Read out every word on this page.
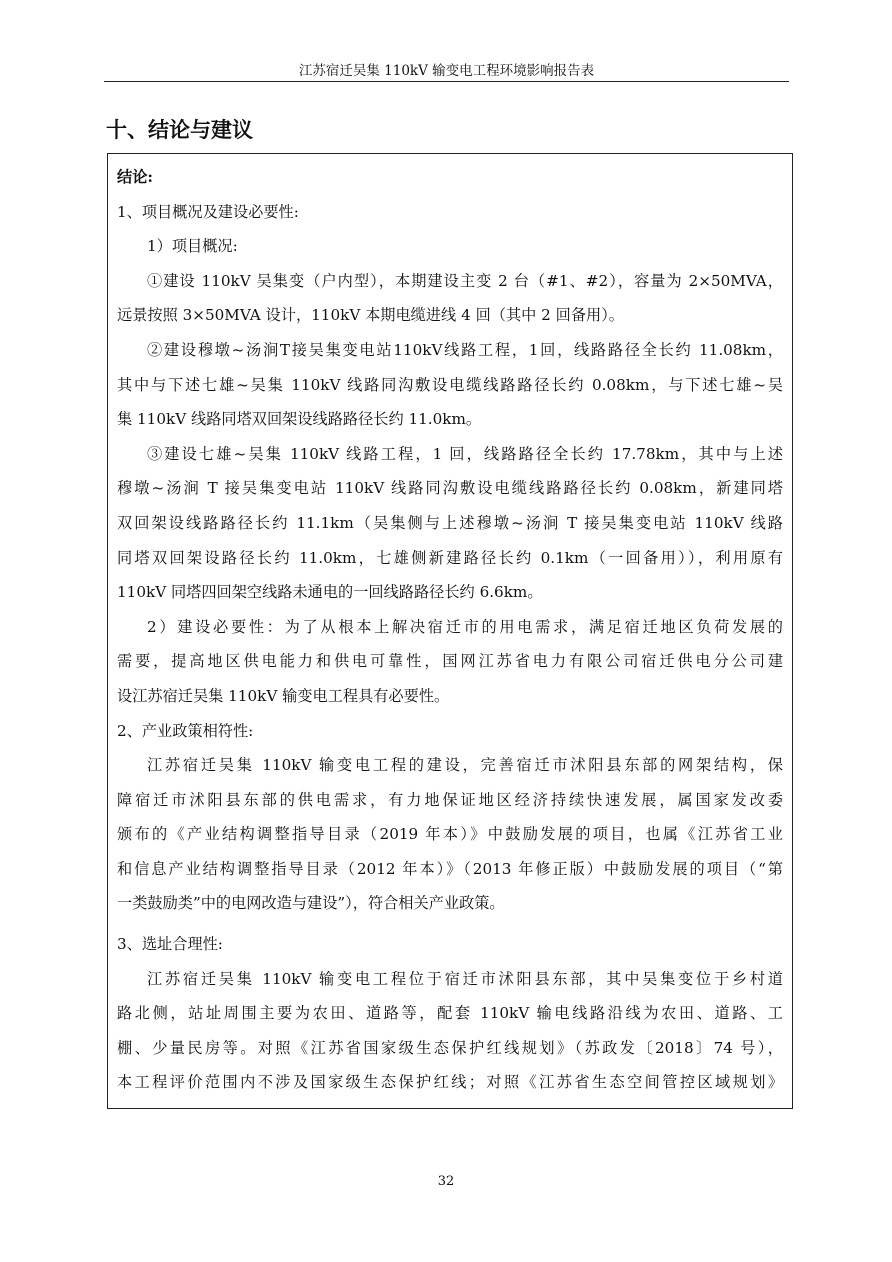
江苏宿迁吴集 110kV 输变电工程环境影响报告表
十、结论与建议
结论:
1、项目概况及建设必要性:
1）项目概况:
①建设 110kV 吴集变（户内型），本期建设主变 2 台（#1、#2），容量为 2×50MVA，
远景按照 3×50MVA 设计，110kV 本期电缆进线 4 回（其中 2 回备用）。
②建设穆墩~汤涧T接吴集变电站110kV线路工程，1回，线路路径全长约 11.08km，
其中与下述七雄~吴集 110kV 线路同沟敷设电缆线路路径长约 0.08km，与下述七雄~吴
集 110kV 线路同塔双回架设线路路径长约 11.0km。
③建设七雄~吴集 110kV 线路工程，1 回，线路路径全长约 17.78km，其中与上述
穆墩~汤涧 T 接吴集变电站 110kV 线路同沟敷设电缆线路路径长约 0.08km，新建同塔
双回架设线路路径长约 11.1km（吴集侧与上述穆墩~汤涧 T 接吴集变电站 110kV 线路
同塔双回架设路径长约 11.0km，七雄侧新建路径长约 0.1km（一回备用）），利用原有
110kV 同塔四回架空线路未通电的一回线路路径长约 6.6km。
2）建设必要性：为了从根本上解决宿迁市的用电需求，满足宿迁地区负荷发展的
需要，提高地区供电能力和供电可靠性，国网江苏省电力有限公司宿迁供电分公司建
设江苏宿迁吴集 110kV 输变电工程具有必要性。
2、产业政策相符性:
江苏宿迁吴集 110kV 输变电工程的建设，完善宿迁市沭阳县东部的网架结构，保
障宿迁市沭阳县东部的供电需求，有力地保证地区经济持续快速发展，属国家发改委
颁布的《产业结构调整指导目录（2019 年本）》中鼓励发展的项目，也属《江苏省工业
和信息产业结构调整指导目录（2012 年本）》（2013 年修正版）中鼓励发展的项目（“第
一类鼓励类”中的电网改造与建设”），符合相关产业政策。
3、选址合理性:
江苏宿迁吴集 110kV 输变电工程位于宿迁市沭阳县东部，其中吴集变位于乡村道
路北侧，站址周围主要为农田、道路等，配套 110kV 输电线路沿线为农田、道路、工
棚、少量民房等。对照《江苏省国家级生态保护红线规划》（苏政发〔2018〕74 号），
本工程评价范围内不涉及国家级生态保护红线；对照《江苏省生态空间管控区域规划》
32
